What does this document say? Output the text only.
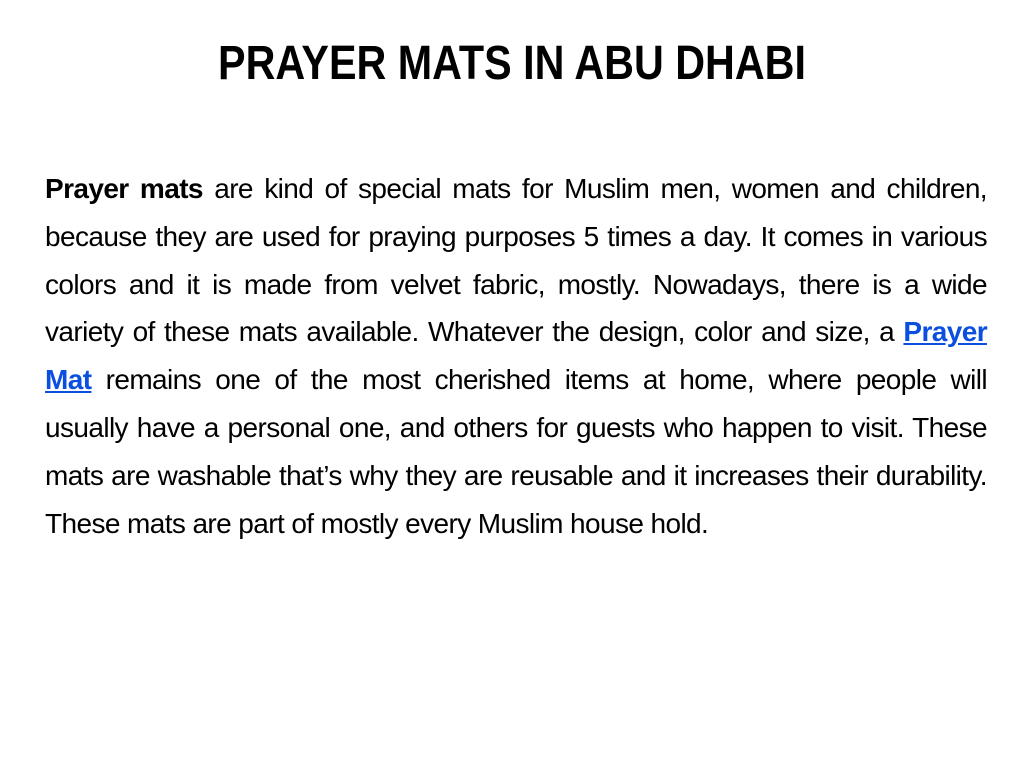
PRAYER MATS IN ABU DHABI

Prayer mats are kind of special mats for Muslim men, women and children, because they are used for praying purposes 5 times a day. It comes in various colors and it is made from velvet fabric, mostly. Nowadays, there is a wide variety of these mats available. Whatever the design, color and size, a Prayer Mat remains one of the most cherished items at home, where people will usually have a personal one, and others for guests who happen to visit. These mats are washable that’s why they are reusable and it increases their durability. These mats are part of mostly every Muslim house hold.
